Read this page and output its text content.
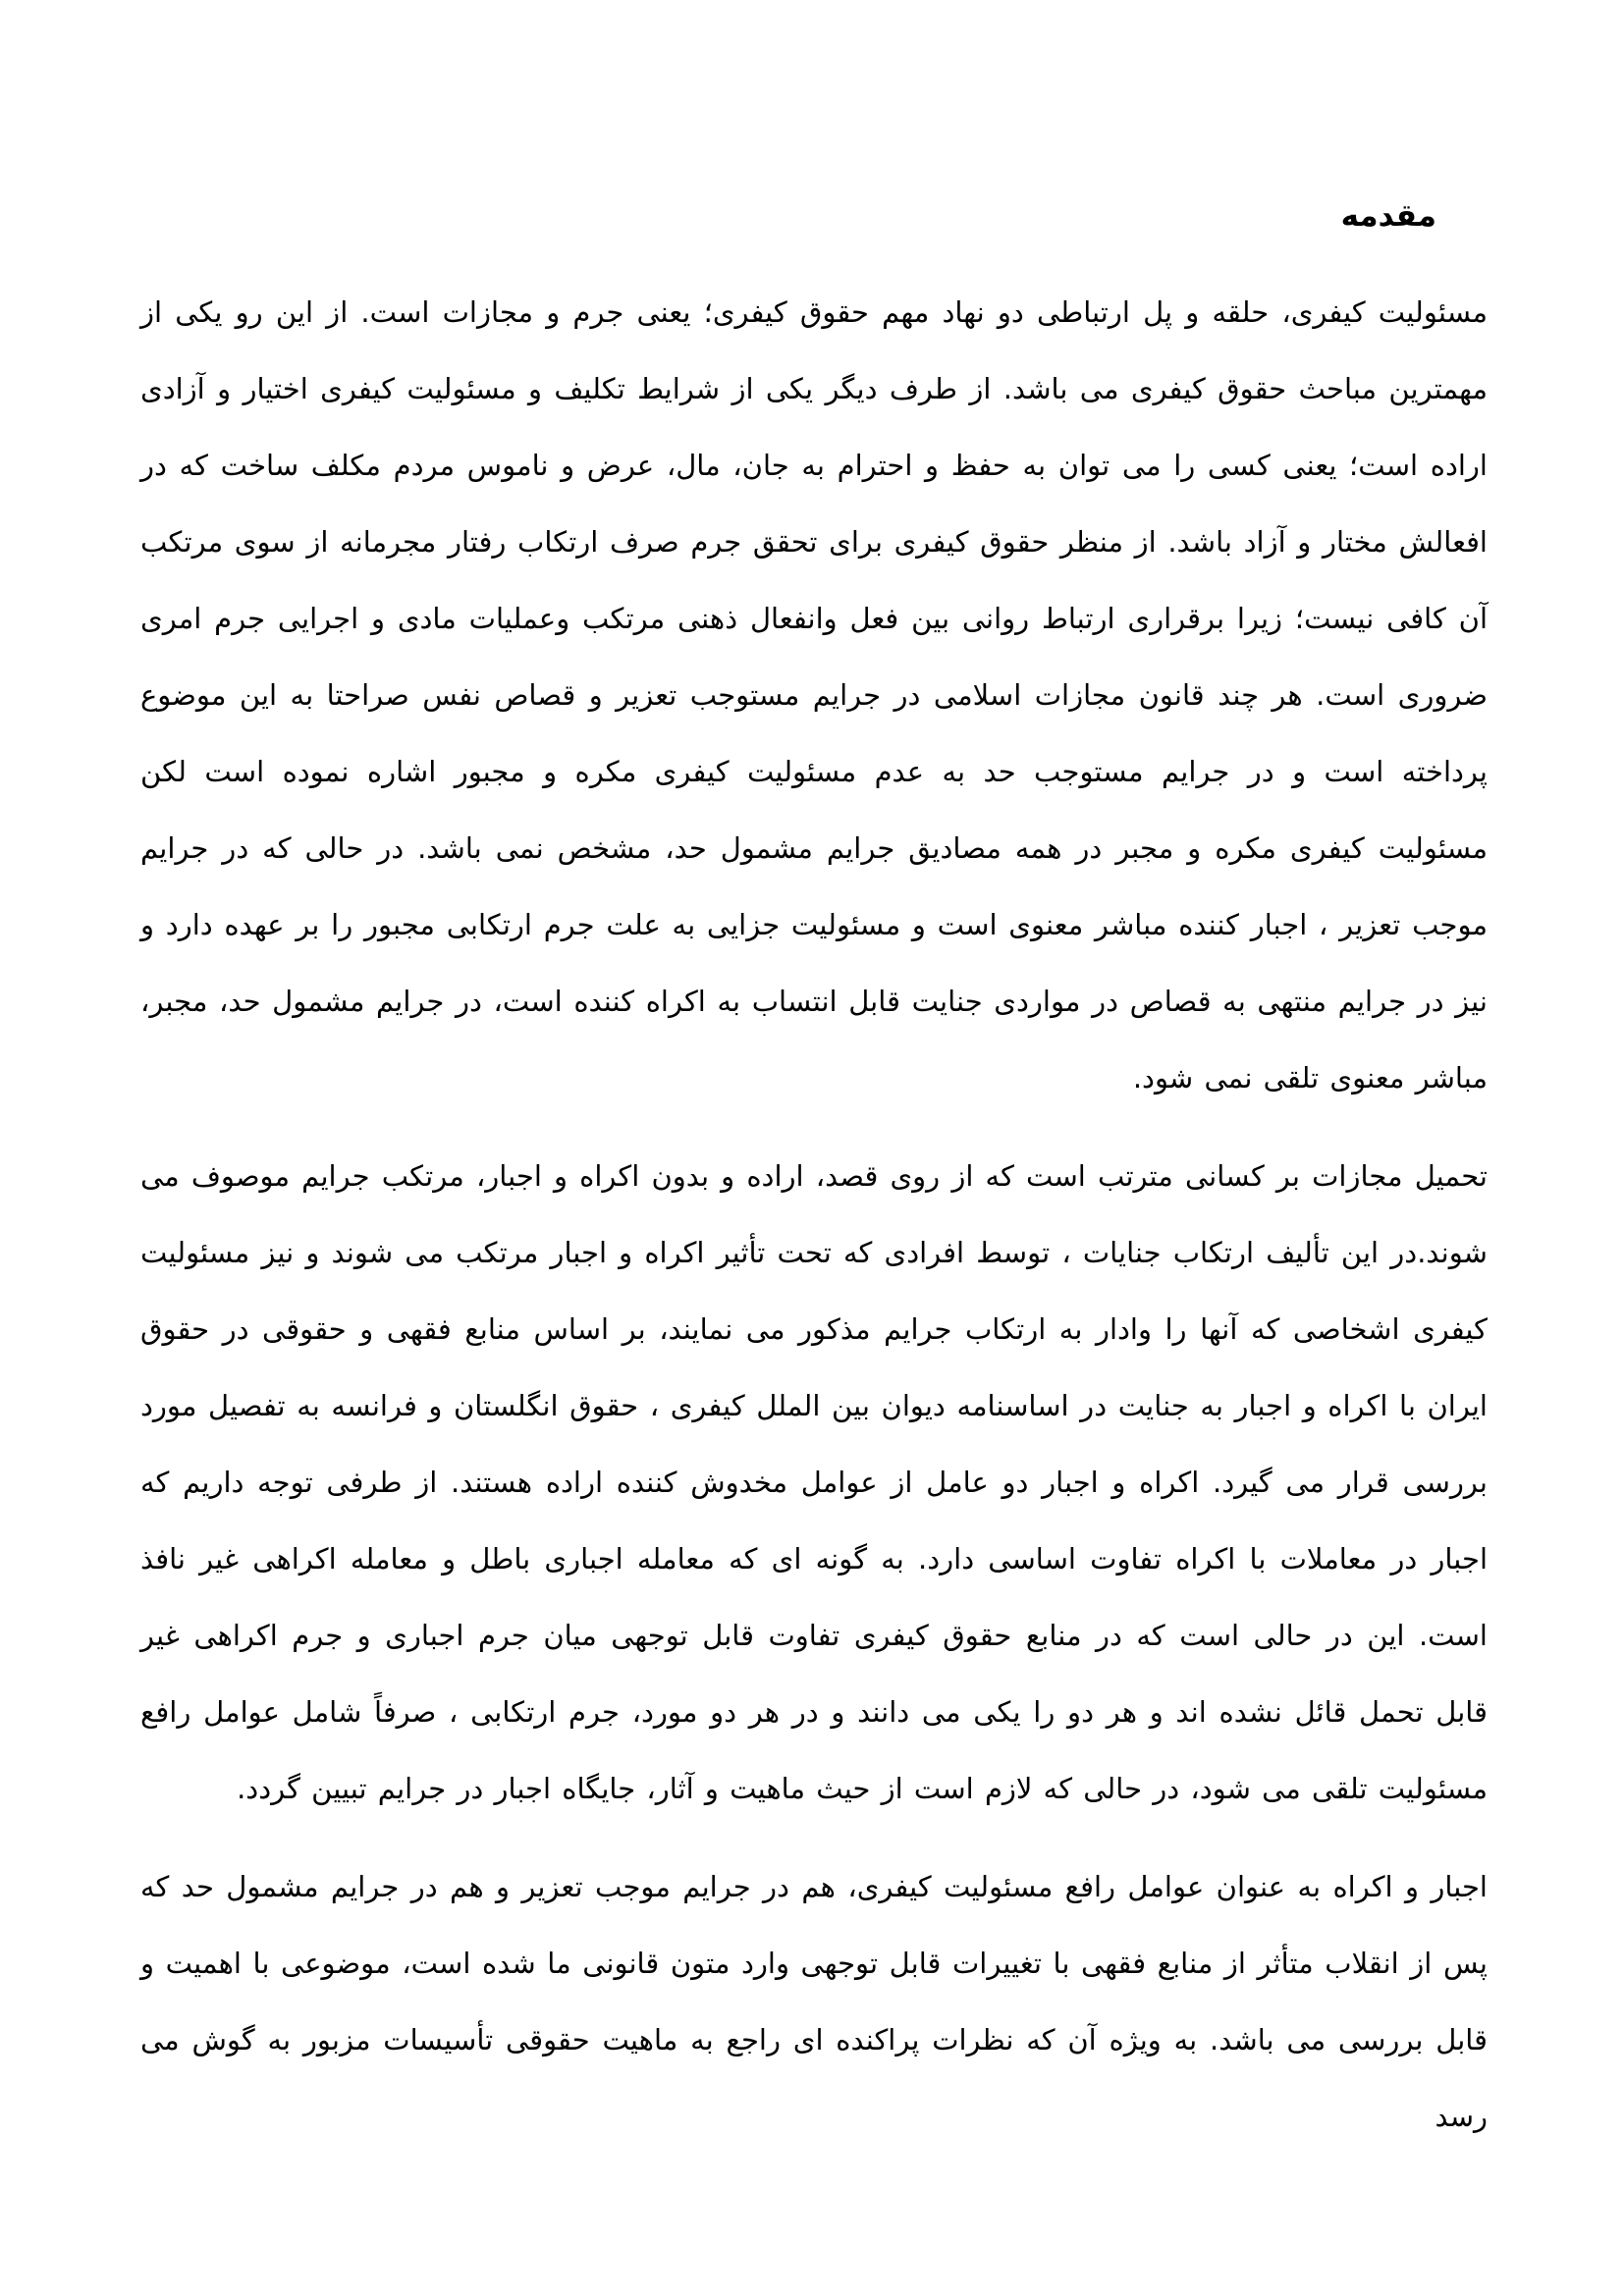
مقدمه

مسئولیت کیفری، حلقه و پل ارتباطی دو نهاد مهم حقوق کیفری؛ یعنی جرم و مجازات است. از این رو یکی از مهمترین مباحث حقوق کیفری می باشد. از طرف دیگر یکی از شرایط تکلیف و مسئولیت کیفری اختیار و آزادی اراده است؛ یعنی کسی را می توان به حفظ و احترام به جان، مال، عرض و ناموس مردم مکلف ساخت که در افعالش مختار و آزاد باشد. از منظر حقوق کیفری برای تحقق جرم صرف ارتکاب رفتار مجرمانه از سوی مرتکب آن کافی نیست؛ زیرا برقراری ارتباط روانی بین فعل وانفعال ذهنی مرتکب وعملیات مادی و اجرایی جرم امری ضروری است. هر چند قانون مجازات اسلامی در جرایم مستوجب تعزیر و قصاص نفس صراحتا به این موضوع پرداخته است و در جرایم مستوجب حد به عدم مسئولیت کیفری مکره و مجبور اشاره نموده است لکن مسئولیت کیفری مکره و مجبر در همه مصادیق جرایم مشمول حد، مشخص نمی باشد. در حالی که در جرایم موجب تعزیر ، اجبار کننده مباشر معنوی است و مسئولیت جزایی به علت جرم ارتکابی مجبور را بر عهده دارد و نیز در جرایم منتهی به قصاص در مواردی جنایت قابل انتساب به اکراه کننده است، در جرایم مشمول حد، مجبر، مباشر معنوی تلقی نمی شود.

تحمیل مجازات بر کسانی مترتب است که از روی قصد، اراده و بدون اکراه و اجبار، مرتکب جرایم موصوف می شوند.در این تألیف ارتکاب جنایات ، توسط افرادی که تحت تأثیر اکراه و اجبار مرتکب می شوند و نیز مسئولیت کیفری اشخاصی که آنها را وادار به ارتکاب جرایم مذکور می نمایند، بر اساس منابع فقهی و حقوقی در حقوق ایران با اکراه و اجبار به جنایت در اساسنامه دیوان بین الملل کیفری ، حقوق انگلستان و فرانسه به تفصیل مورد بررسی قرار می گیرد. اکراه و اجبار دو عامل از عوامل مخدوش کننده اراده هستند. از طرفی توجه داریم که اجبار در معاملات با اکراه تفاوت اساسی دارد. به گونه ای که معامله اجباری باطل و معامله اکراهی غیر نافذ است. این در حالی است که در منابع حقوق کیفری تفاوت قابل توجهی میان جرم اجباری و جرم اکراهی غیر قابل تحمل قائل نشده اند و هر دو را یکی می دانند و در هر دو مورد، جرم ارتکابی ، صرفاً شامل عوامل رافع مسئولیت تلقی می شود، در حالی که لازم است از حیث ماهیت و آثار، جایگاه اجبار در جرایم تبیین گردد.

اجبار و اکراه به عنوان عوامل رافع مسئولیت کیفری، هم در جرایم موجب تعزیر و هم در جرایم مشمول حد که پس از انقلاب متأثر از منابع فقهی با تغییرات قابل توجهی وارد متون قانونی ما شده است، موضوعی با اهمیت و قابل بررسی می باشد. به ویژه آن که نظرات پراکنده ای راجع به ماهیت حقوقی تأسیسات مزبور به گوش می رسد
